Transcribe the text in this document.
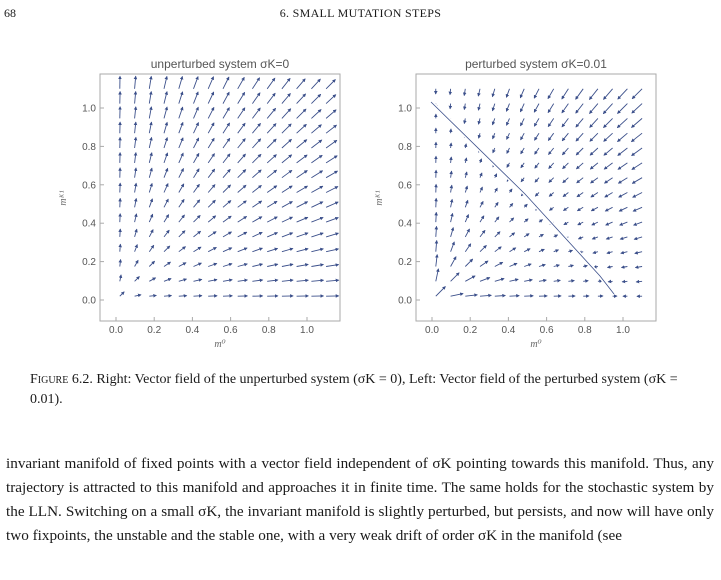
68	6. SMALL MUTATION STEPS
unperturbed system σK=0
0.0 0.2 0.4 0.6 0.8 1.0
0.0
0.2
0.4
0.6
0.8
1.0
m⁰
mᴷ¹
perturbed system σK=0.01
0.0 0.2 0.4 0.6 0.8 1.0
0.0
0.2
0.4
0.6
0.8
1.0
m⁰
mᴷ¹
Figure 6.2. Right: Vector field of the unperturbed system (σK = 0), Left: Vector field of the perturbed system (σK = 0.01).
invariant manifold of fixed points with a vector field independent of σK pointing towards this manifold. Thus, any trajectory is attracted to this manifold and approaches it in finite time. The same holds for the stochastic system by the LLN. Switching on a small σK, the invariant manifold is slightly perturbed, but persists, and now will have only two fixpoints, the unstable and the stable one, with a very weak drift of order σK in the manifold (see
